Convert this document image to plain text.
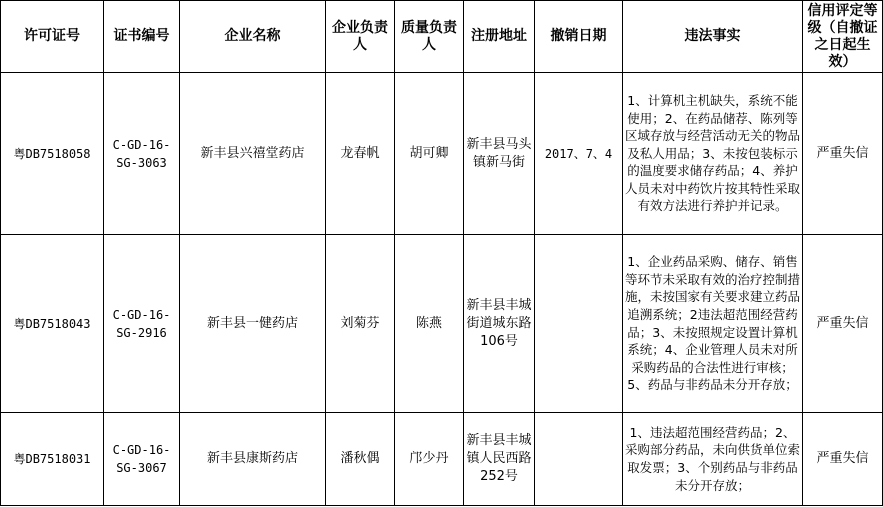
许可证号	证书编号	企业名称	企业负责人	质量负责人	注册地址	撤销日期	违法事实	信用评定等级（自撤证之日起生效）
粤DB7518058	C-GD-16-SG-3063	新丰县兴禧堂药店	龙春帆	胡可卿	新丰县马头镇新马街	2017、7、4	1、计算机主机缺失，系统不能使用；2、在药品储荐、陈列等区域存放与经营活动无关的物品及私人用品；3、未按包装标示的温度要求储存药品；4、养护人员未对中药饮片按其特性采取有效方法进行养护并记录。	严重失信
粤DB7518043	C-GD-16-SG-2916	新丰县一健药店	刘菊芬	陈燕	新丰县丰城街道城东路106号		1、企业药品采购、储存、销售等环节未采取有效的治疗控制措施，未按国家有关要求建立药品追溯系统；2违法超范围经营药品；3、未按照规定设置计算机系统；4、企业管理人员未对所采购药品的合法性进行审核；5、药品与非药品未分开存放；	严重失信
粤DB7518031	C-GD-16-SG-3067	新丰县康斯药店	潘秋偶	邝少丹	新丰县丰城镇人民西路252号		1、违法超范围经营药品；2、采购部分药品，未向供货单位索取发票；3、个别药品与非药品未分开存放；	严重失信
